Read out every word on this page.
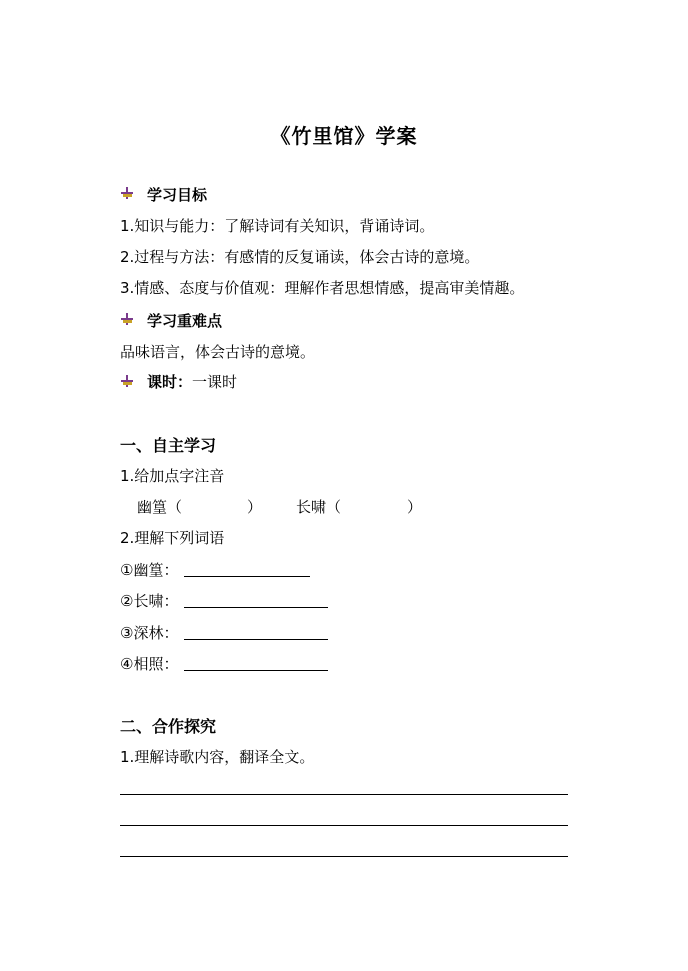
《竹里馆》学案
学习目标
1.知识与能力：了解诗词有关知识，背诵诗词。
2.过程与方法：有感情的反复诵读，体会古诗的意境。
3.情感、态度与价值观：理解作者思想情感，提高审美情趣。
学习重难点
品味语言，体会古诗的意境。
课时：一课时
一、自主学习
1.给加点字注音
幽篁（	） 长啸（	）
2.理解下列词语
①幽篁：
②长啸：
③深林：
④相照：
二、合作探究
1.理解诗歌内容，翻译全文。
